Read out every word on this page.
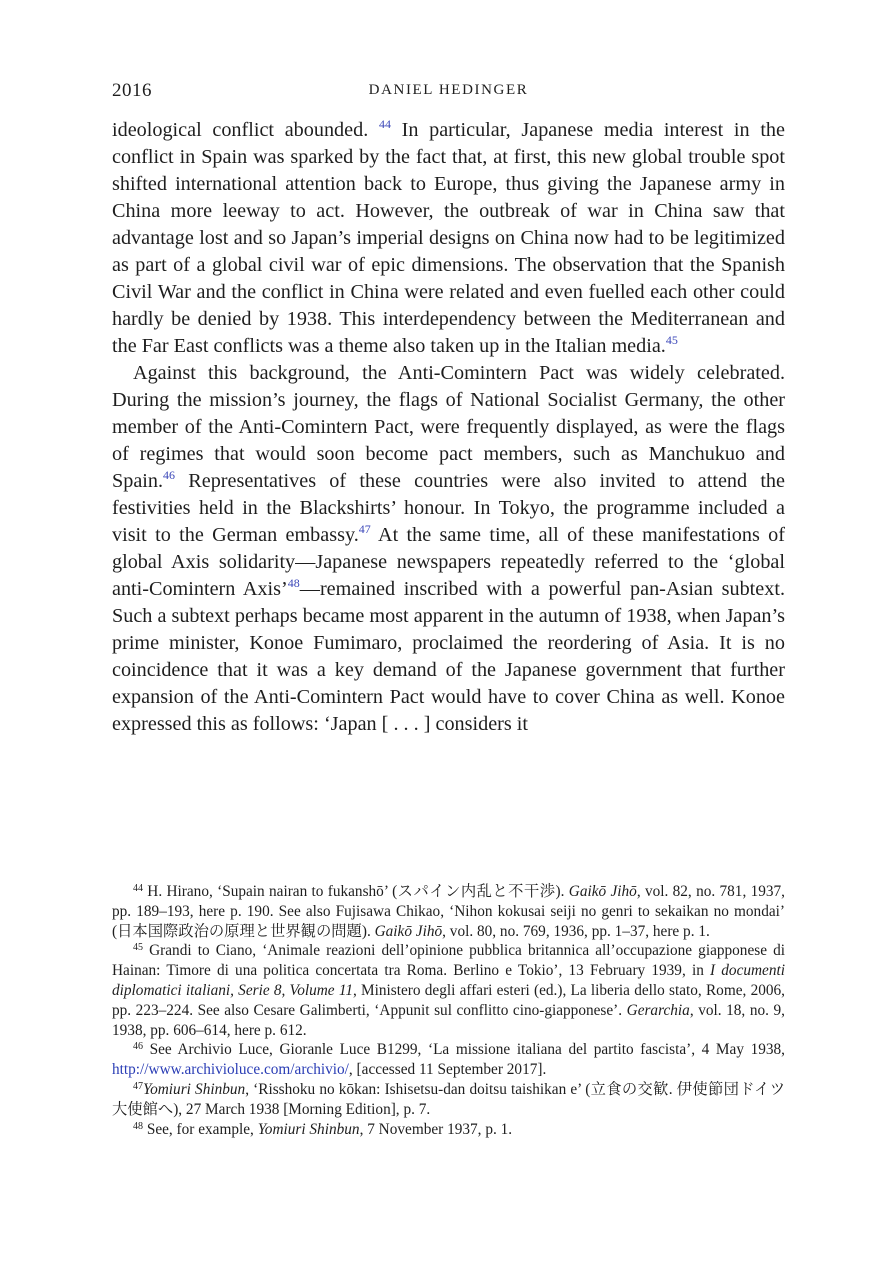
2016	DANIEL HEDINGER

ideological conflict abounded. $^{44}$ In particular, Japanese media interest in the conflict in Spain was sparked by the fact that, at first, this new global trouble spot shifted international attention back to Europe, thus giving the Japanese army in China more leeway to act. However, the outbreak of war in China saw that advantage lost and so Japan’s imperial designs on China now had to be legitimized as part of a global civil war of epic dimensions. The observation that the Spanish Civil War and the conflict in China were related and even fuelled each other could hardly be denied by 1938. This interdependency between the Mediterranean and the Far East conflicts was a theme also taken up in the Italian media.$^{45}$

Against this background, the Anti-Comintern Pact was widely celebrated. During the mission’s journey, the flags of National Socialist Germany, the other member of the Anti-Comintern Pact, were frequently displayed, as were the flags of regimes that would soon become pact members, such as Manchukuo and Spain.$^{46}$ Representatives of these countries were also invited to attend the festivities held in the Blackshirts’ honour. In Tokyo, the programme included a visit to the German embassy.$^{47}$ At the same time, all of these manifestations of global Axis solidarity—Japanese newspapers repeatedly referred to the ‘global anti-Comintern Axis’$^{48}$—remained inscribed with a powerful pan-Asian subtext. Such a subtext perhaps became most apparent in the autumn of 1938, when Japan’s prime minister, Konoe Fumimaro, proclaimed the reordering of Asia. It is no coincidence that it was a key demand of the Japanese government that further expansion of the Anti-Comintern Pact would have to cover China as well. Konoe expressed this as follows: ‘Japan [ . . . ] considers it

$^{44}$ H. Hirano, ‘Supain nairan to fukanshō’ (スパイン内乱と不干渉). Gaikō Jihō, vol. 82, no. 781, 1937, pp. 189–193, here p. 190. See also Fujisawa Chikao, ‘Nihon kokusai seiji no genri to sekaikan no mondai’ (日本国際政治の原理と世界観の問題). Gaikō Jihō, vol. 80, no. 769, 1936, pp. 1–37, here p. 1.

$^{45}$ Grandi to Ciano, ‘Animale reazioni dell’opinione pubblica britannica all’occupazione giapponese di Hainan: Timore di una politica concertata tra Roma. Berlino e Tokio’, 13 February 1939, in I documenti diplomatici italiani, Serie 8, Volume 11, Ministero degli affari esteri (ed.), La liberia dello stato, Rome, 2006, pp. 223–224. See also Cesare Galimberti, ‘Appunit sul conflitto cino-giapponese’. Gerarchia, vol. 18, no. 9, 1938, pp. 606–614, here p. 612.

$^{46}$ See Archivio Luce, Gioranle Luce B1299, ‘La missione italiana del partito fascista’, 4 May 1938, http://www.archivioluce.com/archivio/, [accessed 11 September 2017].

$^{47}$Yomiuri Shinbun, ‘Risshoku no kōkan: Ishisetsu-dan doitsu taishikan e’ (立食の交歓. 伊使節団ドイツ大使館へ), 27 March 1938 [Morning Edition], p. 7.

$^{48}$ See, for example, Yomiuri Shinbun, 7 November 1937, p. 1.
